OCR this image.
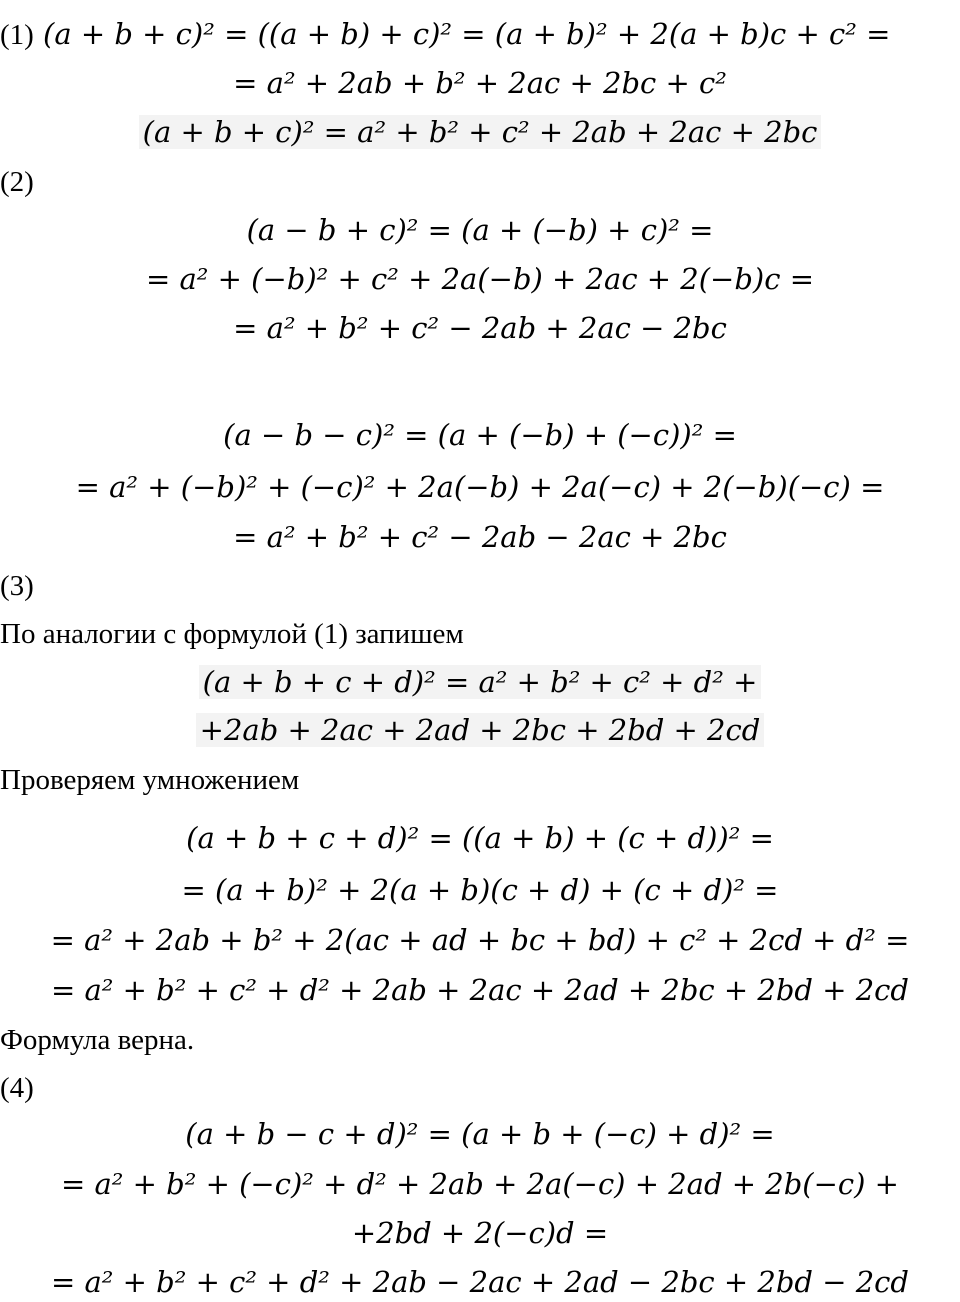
(1) (a + b + c)² = ((a + b) + c)² = (a + b)² + 2(a + b)c + c² =
= a² + 2ab + b² + 2ac + 2bc + c²
(a + b + c)² = a² + b² + c² + 2ab + 2ac + 2bc
(2)
(a − b + c)² = (a + (−b) + c)² =
= a² + (−b)² + c² + 2a(−b) + 2ac + 2(−b)c =
= a² + b² + c² − 2ab + 2ac − 2bc
(a − b − c)² = (a + (−b) + (−c))² =
= a² + (−b)² + (−c)² + 2a(−b) + 2a(−c) + 2(−b)(−c) =
= a² + b² + c² − 2ab − 2ac + 2bc
(3)
По аналогии с формулой (1) запишем
(a + b + c + d)² = a² + b² + c² + d² +
+2ab + 2ac + 2ad + 2bc + 2bd + 2cd
Проверяем умножением
(a + b + c + d)² = ((a + b) + (c + d))² =
= (a + b)² + 2(a + b)(c + d) + (c + d)² =
= a² + 2ab + b² + 2(ac + ad + bc + bd) + c² + 2cd + d² =
= a² + b² + c² + d² + 2ab + 2ac + 2ad + 2bc + 2bd + 2cd
Формула верна.
(4)
(a + b − c + d)² = (a + b + (−c) + d)² =
= a² + b² + (−c)² + d² + 2ab + 2a(−c) + 2ad + 2b(−c) +
+2bd + 2(−c)d =
= a² + b² + c² + d² + 2ab − 2ac + 2ad − 2bc + 2bd − 2cd
